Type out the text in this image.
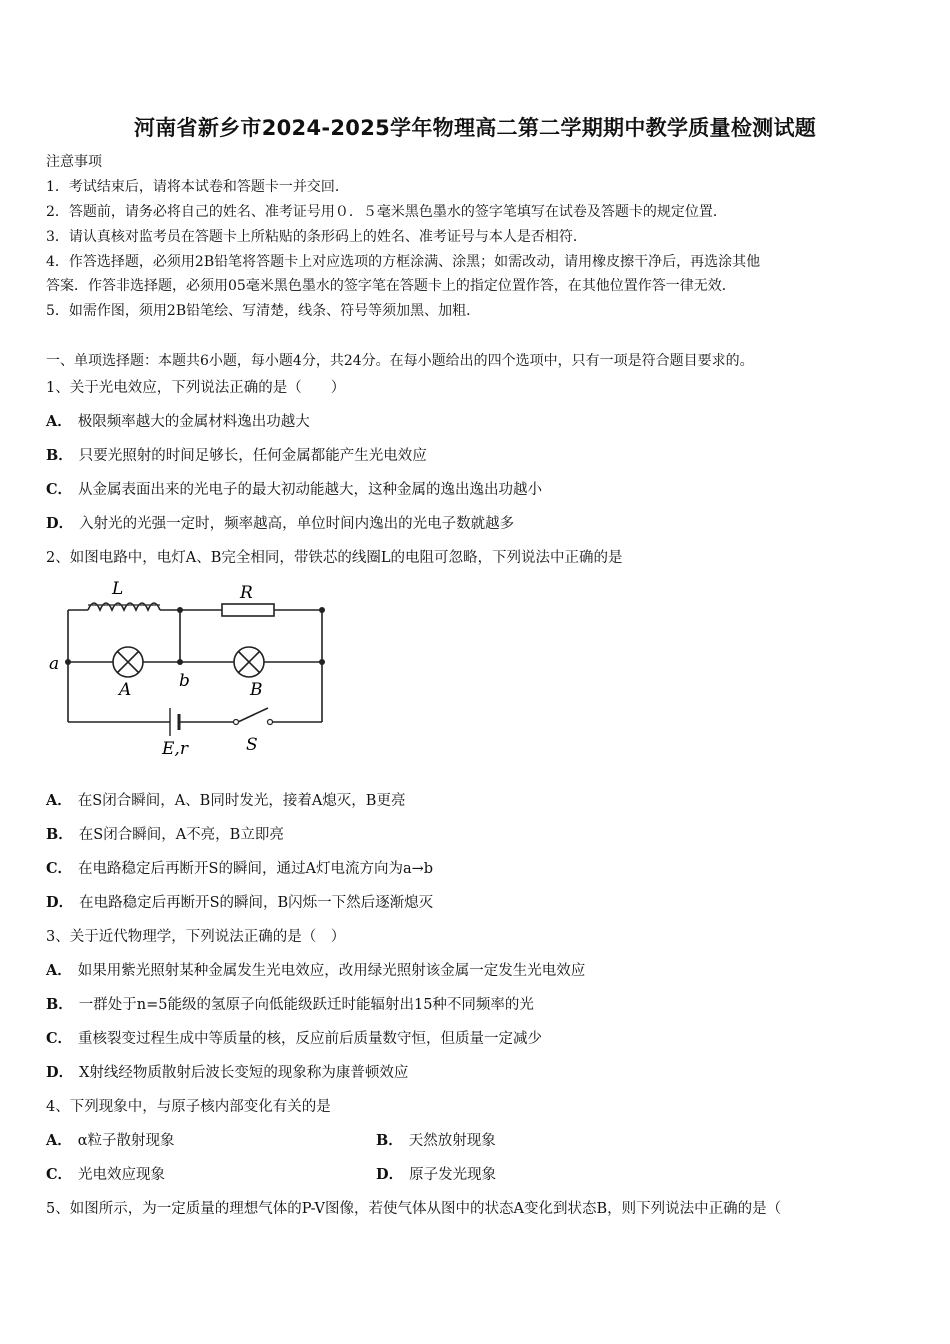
河南省新乡市2024-2025学年物理高二第二学期期中教学质量检测试题
注意事项
1．考试结束后，请将本试卷和答题卡一并交回．
2．答题前，请务必将自己的姓名、准考证号用０．５毫米黑色墨水的签字笔填写在试卷及答题卡的规定位置．
3．请认真核对监考员在答题卡上所粘贴的条形码上的姓名、准考证号与本人是否相符．
4．作答选择题，必须用2B铅笔将答题卡上对应选项的方框涂满、涂黑；如需改动，请用橡皮擦干净后，再选涂其他
答案．作答非选择题，必须用05毫米黑色墨水的签字笔在答题卡上的指定位置作答，在其他位置作答一律无效．
5．如需作图，须用2B铅笔绘、写清楚，线条、符号等须加黑、加粗．
一、单项选择题：本题共6小题，每小题4分，共24分。在每小题给出的四个选项中，只有一项是符合题目要求的。
1、关于光电效应，下列说法正确的是（　　）
A． 极限频率越大的金属材料逸出功越大
B． 只要光照射的时间足够长，任何金属都能产生光电效应
C． 从金属表面出来的光电子的最大初动能越大，这种金属的逸出逸出功越小
D． 入射光的光强一定时，频率越高，单位时间内逸出的光电子数就越多
2、如图电路中，电灯A、B完全相同，带铁芯的线圈L的电阻可忽略，下列说法中正确的是
L	R
a
b
A	B
E,r	S
A． 在S闭合瞬间，A、B同时发光，接着A熄灭，B更亮
B． 在S闭合瞬间，A不亮，B立即亮
C． 在电路稳定后再断开S的瞬间，通过A灯电流方向为a→b
D． 在电路稳定后再断开S的瞬间，B闪烁一下然后逐渐熄灭
3、关于近代物理学，下列说法正确的是（　）
A． 如果用紫光照射某种金属发生光电效应，改用绿光照射该金属一定发生光电效应
B． 一群处于n=5能级的氢原子向低能级跃迁时能辐射出15种不同频率的光
C． 重核裂变过程生成中等质量的核，反应前后质量数守恒，但质量一定减少
D． X射线经物质散射后波长变短的现象称为康普顿效应
4、下列现象中，与原子核内部变化有关的是
A． α粒子散射现象	B． 天然放射现象
C． 光电效应现象	D． 原子发光现象
5、如图所示，为一定质量的理想气体的P-V图像，若使气体从图中的状态A变化到状态B，则下列说法中正确的是（
